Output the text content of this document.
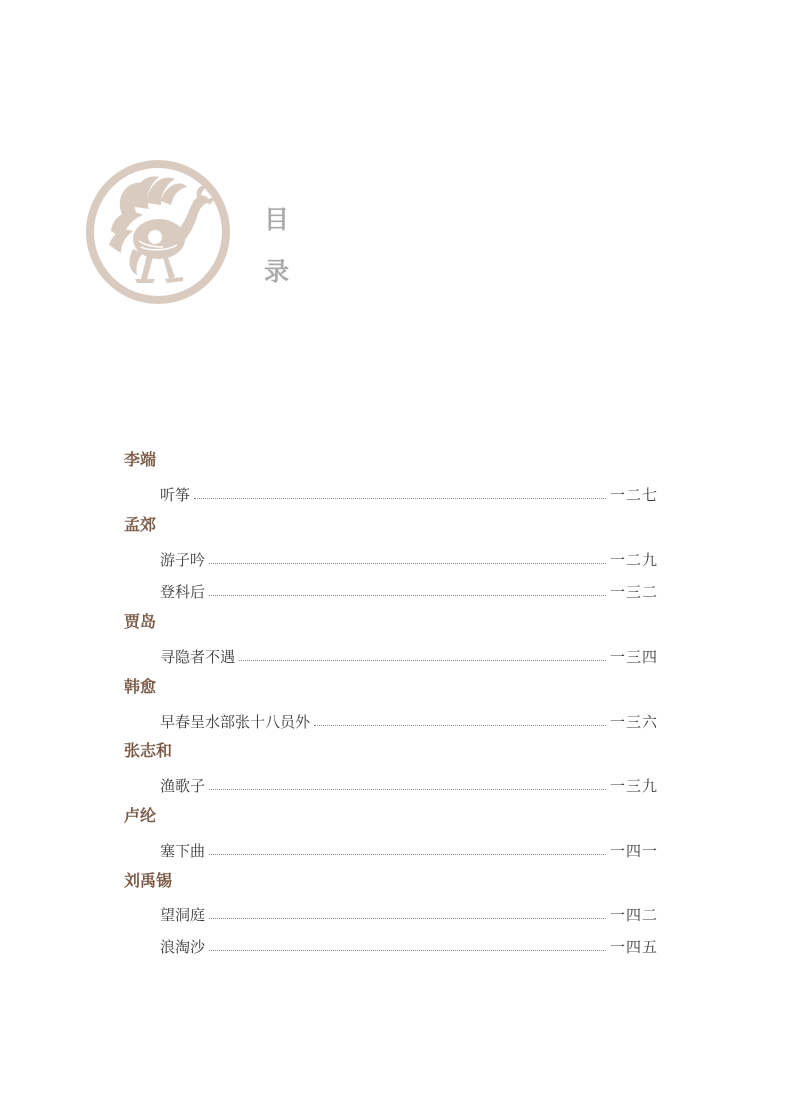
目
录
李端
听筝	一二七
孟郊
游子吟	一二九
登科后	一三二
贾岛
寻隐者不遇	一三四
韩愈
早春呈水部张十八员外	一三六
张志和
渔歌子	一三九
卢纶
塞下曲	一四一
刘禹锡
望洞庭	一四二
浪淘沙	一四五
